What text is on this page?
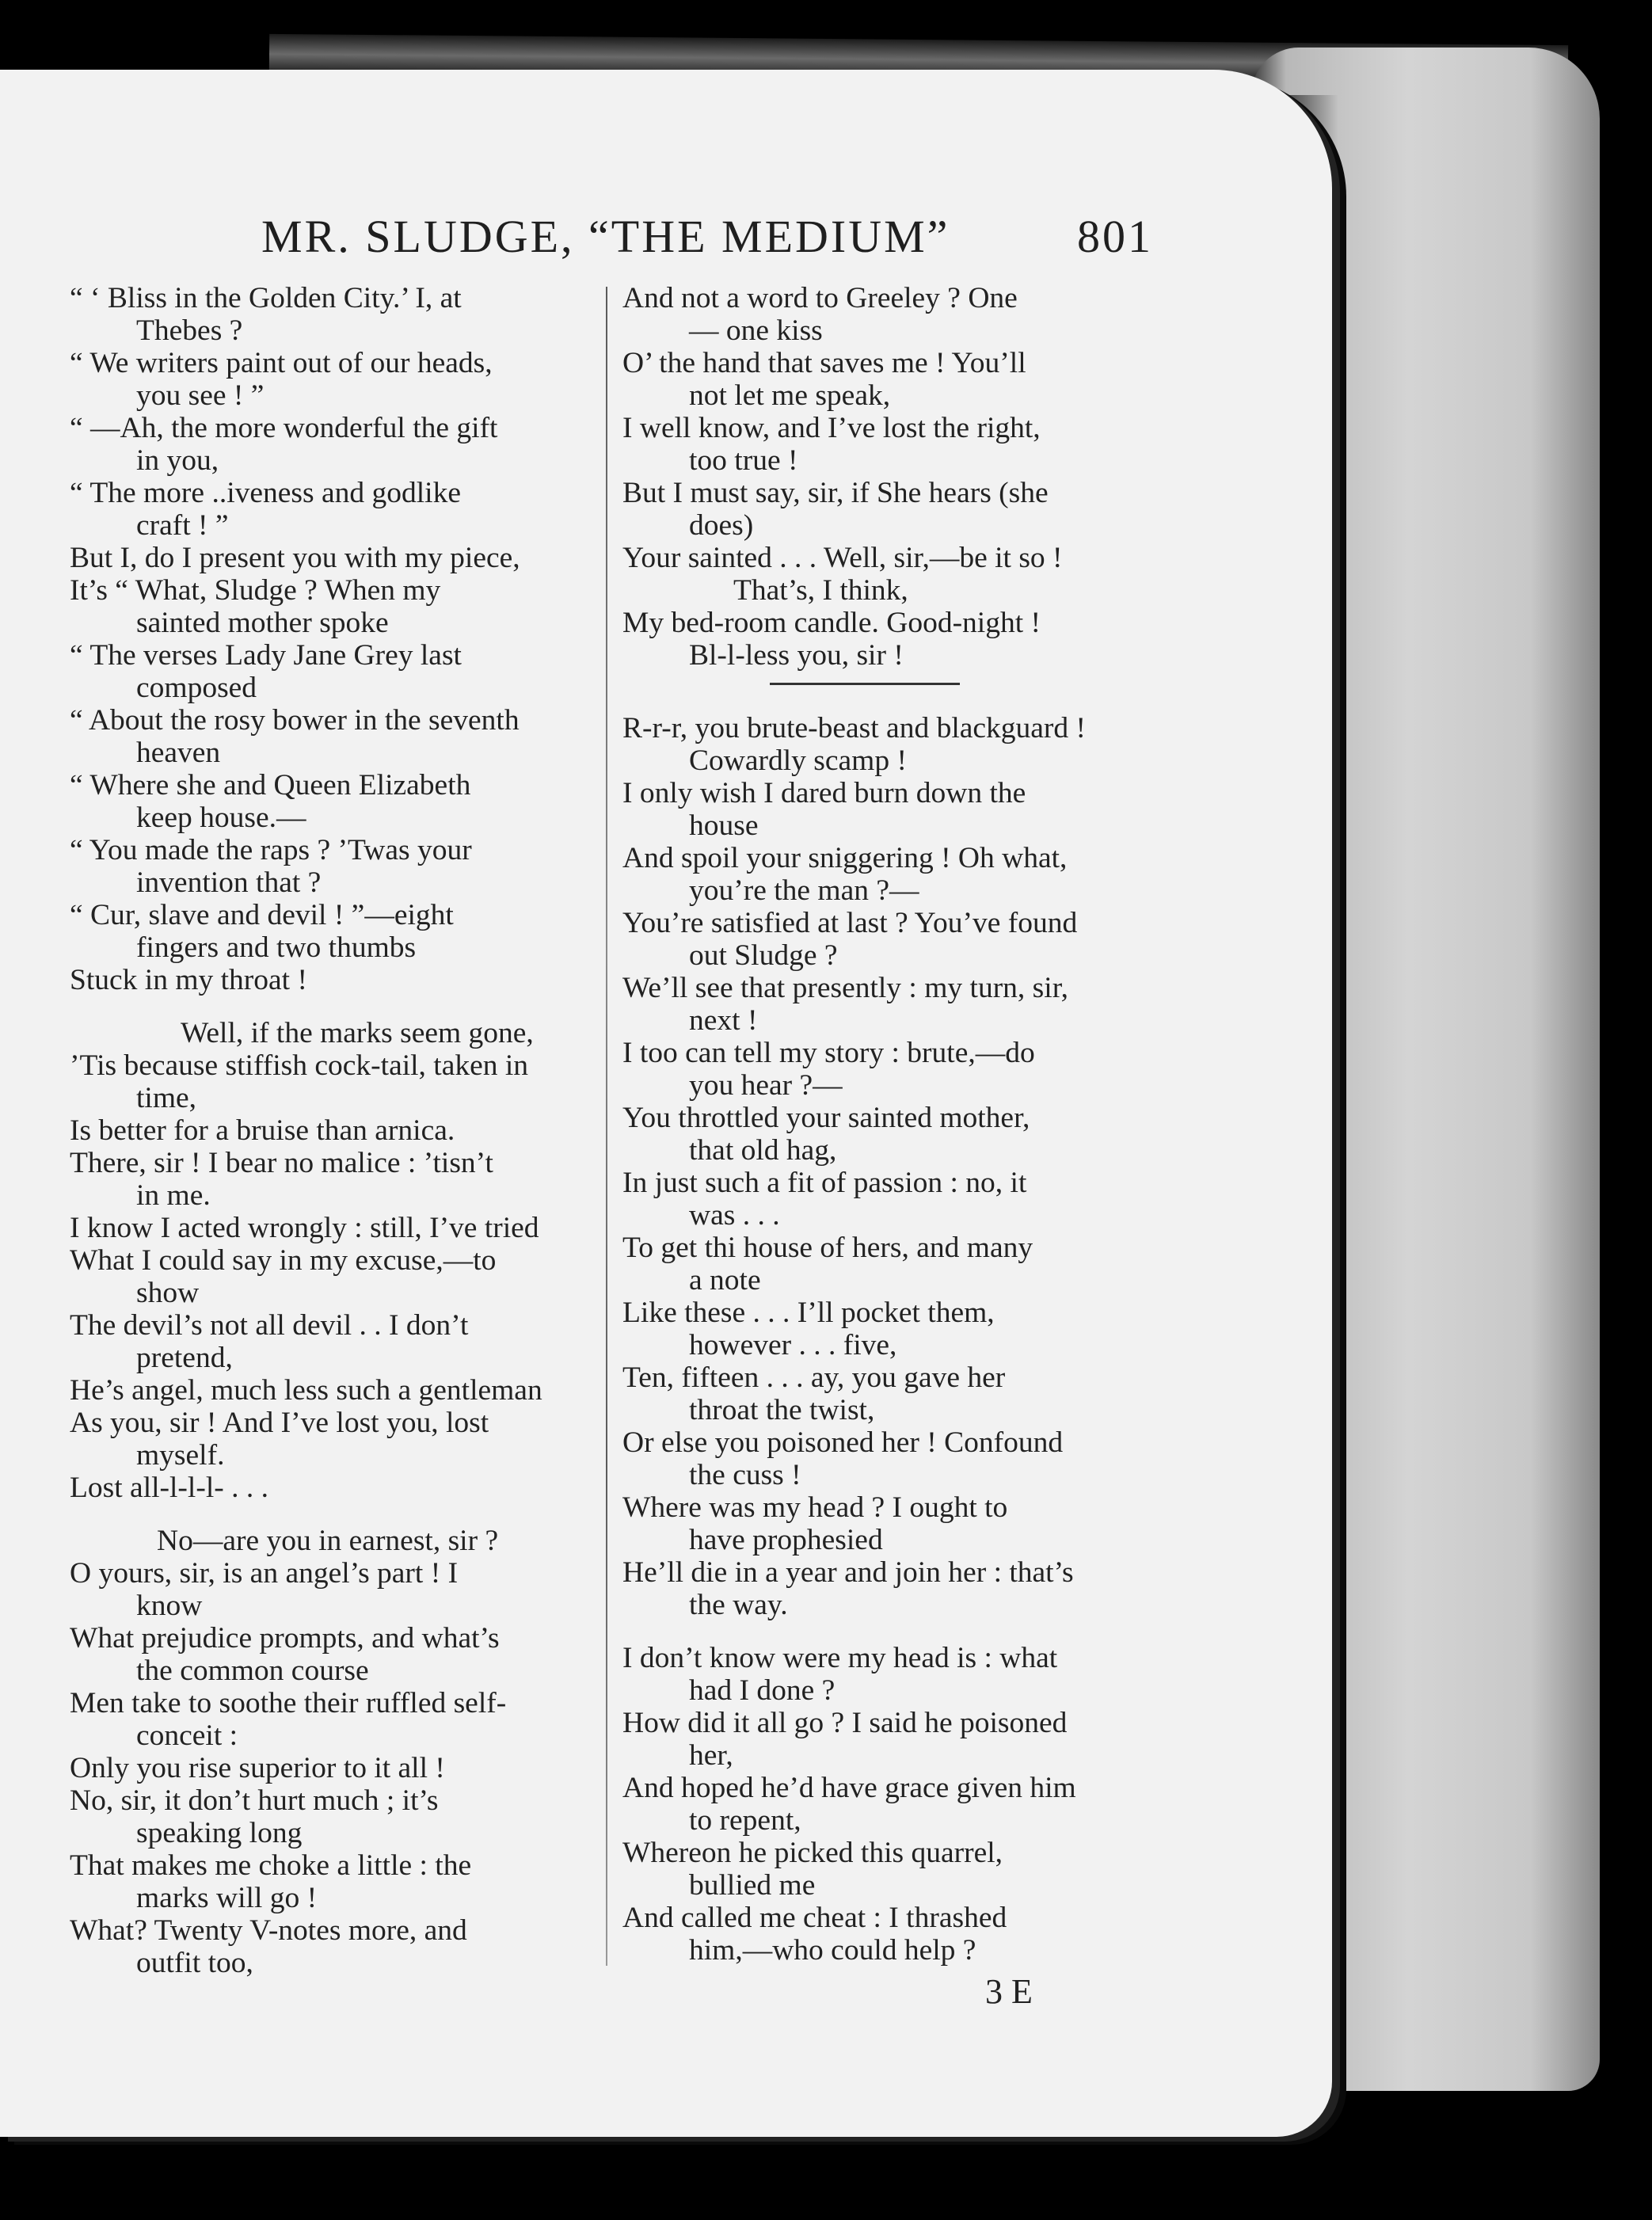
MR. SLUDGE, “THE MEDIUM”	801
“ ‘ Bliss in the Golden City.’ I, at
Thebes ?
“ We writers paint out of our heads,
you see ! ”
“ —Ah, the more wonderful the gift
in you,
“ The more ..iveness and godlike
craft ! ”
But I, do I present you with my piece,
It’s “ What, Sludge ? When my
sainted mother spoke
“ The verses Lady Jane Grey last
composed
“ About the rosy bower in the seventh
heaven
“ Where she and Queen Elizabeth
keep house.—
“ You made the raps ? ’Twas your
invention that ?
“ Cur, slave and devil ! ”—eight
fingers and two thumbs
Stuck in my throat !
Well, if the marks seem gone,
’Tis because stiffish cock-tail, taken in
time,
Is better for a bruise than arnica.
There, sir ! I bear no malice : ’tisn’t
in me.
I know I acted wrongly : still, I’ve tried
What I could say in my excuse,—to
show
The devil’s not all devil . . I don’t
pretend,
He’s angel, much less such a gentleman
As you, sir ! And I’ve lost you, lost
myself.
Lost all-l-l-l- . . .
No—are you in earnest, sir ?
O yours, sir, is an angel’s part ! I
know
What prejudice prompts, and what’s
the common course
Men take to soothe their ruffled self-
conceit :
Only you rise superior to it all !
No, sir, it don’t hurt much ; it’s
speaking long
That makes me choke a little : the
marks will go !
What? Twenty V-notes more, and
outfit too,
And not a word to Greeley ? One
— one kiss
O’ the hand that saves me ! You’ll
not let me speak,
I well know, and I’ve lost the right,
too true !
But I must say, sir, if She hears (she
does)
Your sainted . . . Well, sir,—be it so !
That’s, I think,
My bed-room candle. Good-night !
Bl-l-less you, sir !
R-r-r, you brute-beast and blackguard !
Cowardly scamp !
I only wish I dared burn down the
house
And spoil your sniggering ! Oh what,
you’re the man ?—
You’re satisfied at last ? You’ve found
out Sludge ?
We’ll see that presently : my turn, sir,
next !
I too can tell my story : brute,—do
you hear ?—
You throttled your sainted mother,
that old hag,
In just such a fit of passion : no, it
was . . .
To get thi house of hers, and many
a note
Like these . . . I’ll pocket them,
however . . . five,
Ten, fifteen . . . ay, you gave her
throat the twist,
Or else you poisoned her ! Confound
the cuss !
Where was my head ? I ought to
have prophesied
He’ll die in a year and join her : that’s
the way.
I don’t know were my head is : what
had I done ?
How did it all go ? I said he poisoned
her,
And hoped he’d have grace given him
to repent,
Whereon he picked this quarrel,
bullied me
And called me cheat : I thrashed
him,—who could help ?
3 E
